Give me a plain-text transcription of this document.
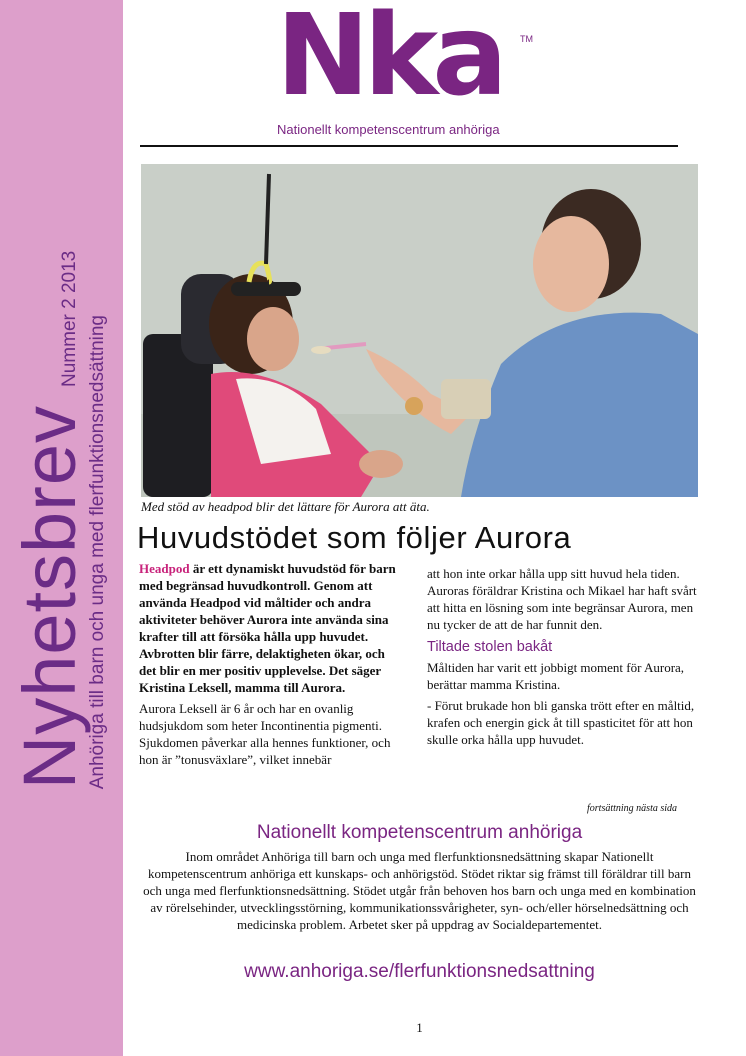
Nyhetsbrev
Nummer 2 2013 Anhöriga till barn och unga med flerfunktionsnedsättning
Nka TM
Nationellt kompetenscentrum anhöriga
Med stöd av headpod blir det lättare för Aurora att äta.
Huvudstödet som följer Aurora

Headpod är ett dynamiskt huvudstöd för barn med begränsad huvudkontroll. Genom att använda Headpod vid måltider och andra aktiviteter behöver Aurora inte använda sina krafter till att försöka hålla upp huvudet. Avbrotten blir färre, delaktigheten ökar, och det blir en mer positiv upplevelse. Det säger Kristina Leksell, mamma till Aurora.

Aurora Leksell är 6 år och har en ovanlig hudsjukdom som heter Incontinentia pigmenti. Sjukdomen påverkar alla hennes funktioner, och hon är ”tonusväxlare”, vilket innebär

att hon inte orkar hålla upp sitt huvud hela tiden. Auroras föräldrar Kristina och Mikael har haft svårt att hitta en lösning som inte begränsar Aurora, men nu tycker de att de har funnit den.

Tiltade stolen bakåt

Måltiden har varit ett jobbigt moment för Aurora, berättar mamma Kristina.

- Förut brukade hon bli ganska trött efter en måltid, krafen och energin gick åt till spasticitet för att hon skulle orka hålla upp huvudet.

fortsättning nästa sida
Nationellt kompetenscentrum anhöriga
Inom området Anhöriga till barn och unga med flerfunktionsnedsättning skapar Nationellt kompetenscentrum anhöriga ett kunskaps- och anhörigstöd. Stödet riktar sig främst till föräldrar till barn och unga med flerfunktionsnedsättning. Stödet utgår från behoven hos barn och unga med en kombination av rörelsehinder, utvecklingsstörning, kommunikationssvårigheter, syn- och/eller hörselnedsättning och medicinska problem. Arbetet sker på uppdrag av Socialdepartementet.
www.anhoriga.se/flerfunktionsnedsattning
1
